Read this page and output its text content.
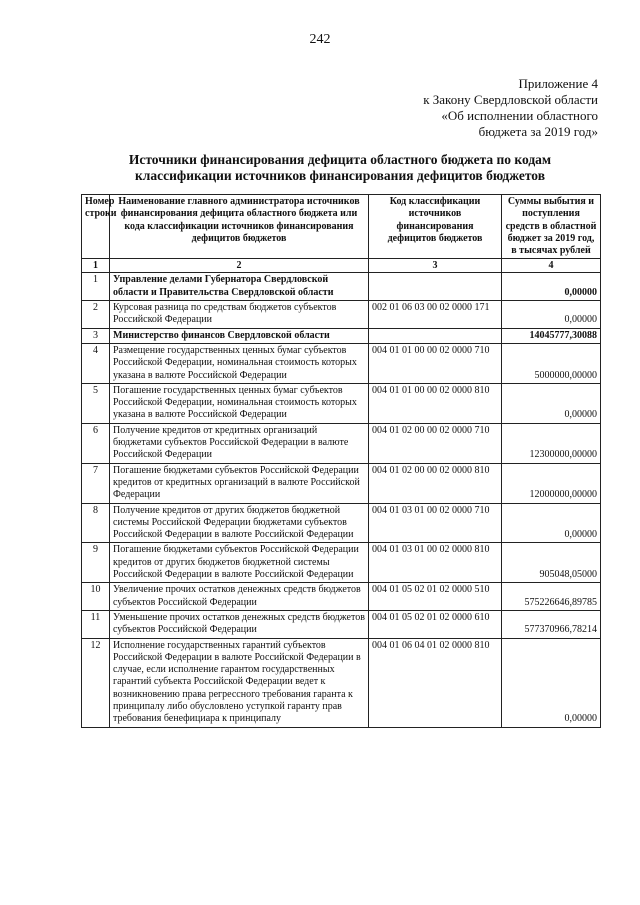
242
Приложение 4
к Закону Свердловской области
«Об исполнении областного
бюджета за 2019 год»
Источники финансирования дефицита областного бюджета по кодам
классификации источников финансирования дефицитов бюджетов
Номер строки	Наименование главного администратора источников финансирования дефицита областного бюджета или кода классификации источников финансирования дефицитов бюджетов	Код классификации источников финансирования дефицитов бюджетов	Суммы выбытия и поступления средств в областной бюджет за 2019 год, в тысячах рублей
1	2	3	4
1	Управление делами Губернатора Свердловской области и Правительства Свердловской области		0,00000
2	Курсовая разница по средствам бюджетов субъектов Российской Федерации	002 01 06 03 00 02 0000 171	0,00000
3	Министерство финансов Свердловской области		14045777,30088
4	Размещение государственных ценных бумаг субъектов Российской Федерации, номинальная стоимость которых указана в валюте Российской Федерации	004 01 01 00 00 02 0000 710	5000000,00000
5	Погашение государственных ценных бумаг субъектов Российской Федерации, номинальная стоимость которых указана в валюте Российской Федерации	004 01 01 00 00 02 0000 810	0,00000
6	Получение кредитов от кредитных организаций бюджетами субъектов Российской Федерации в валюте Российской Федерации	004 01 02 00 00 02 0000 710	12300000,00000
7	Погашение бюджетами субъектов Российской Федерации кредитов от кредитных организаций в валюте Российской Федерации	004 01 02 00 00 02 0000 810	12000000,00000
8	Получение кредитов от других бюджетов бюджетной системы Российской Федерации бюджетами субъектов Российской Федерации в валюте Российской Федерации	004 01 03 01 00 02 0000 710	0,00000
9	Погашение бюджетами субъектов Российской Федерации кредитов от других бюджетов бюджетной системы Российской Федерации в валюте Российской Федерации	004 01 03 01 00 02 0000 810	905048,05000
10	Увеличение прочих остатков денежных средств бюджетов субъектов Российской Федерации	004 01 05 02 01 02 0000 510	575226646,89785
11	Уменьшение прочих остатков денежных средств бюджетов субъектов Российской Федерации	004 01 05 02 01 02 0000 610	577370966,78214
12	Исполнение государственных гарантий субъектов Российской Федерации в валюте Российской Федерации в случае, если исполнение гарантом государственных гарантий субъекта Российской Федерации ведет к возникновению права регрессного требования гаранта к принципалу либо обусловлено уступкой гаранту прав требования бенефициара к принципалу	004 01 06 04 01 02 0000 810	0,00000
